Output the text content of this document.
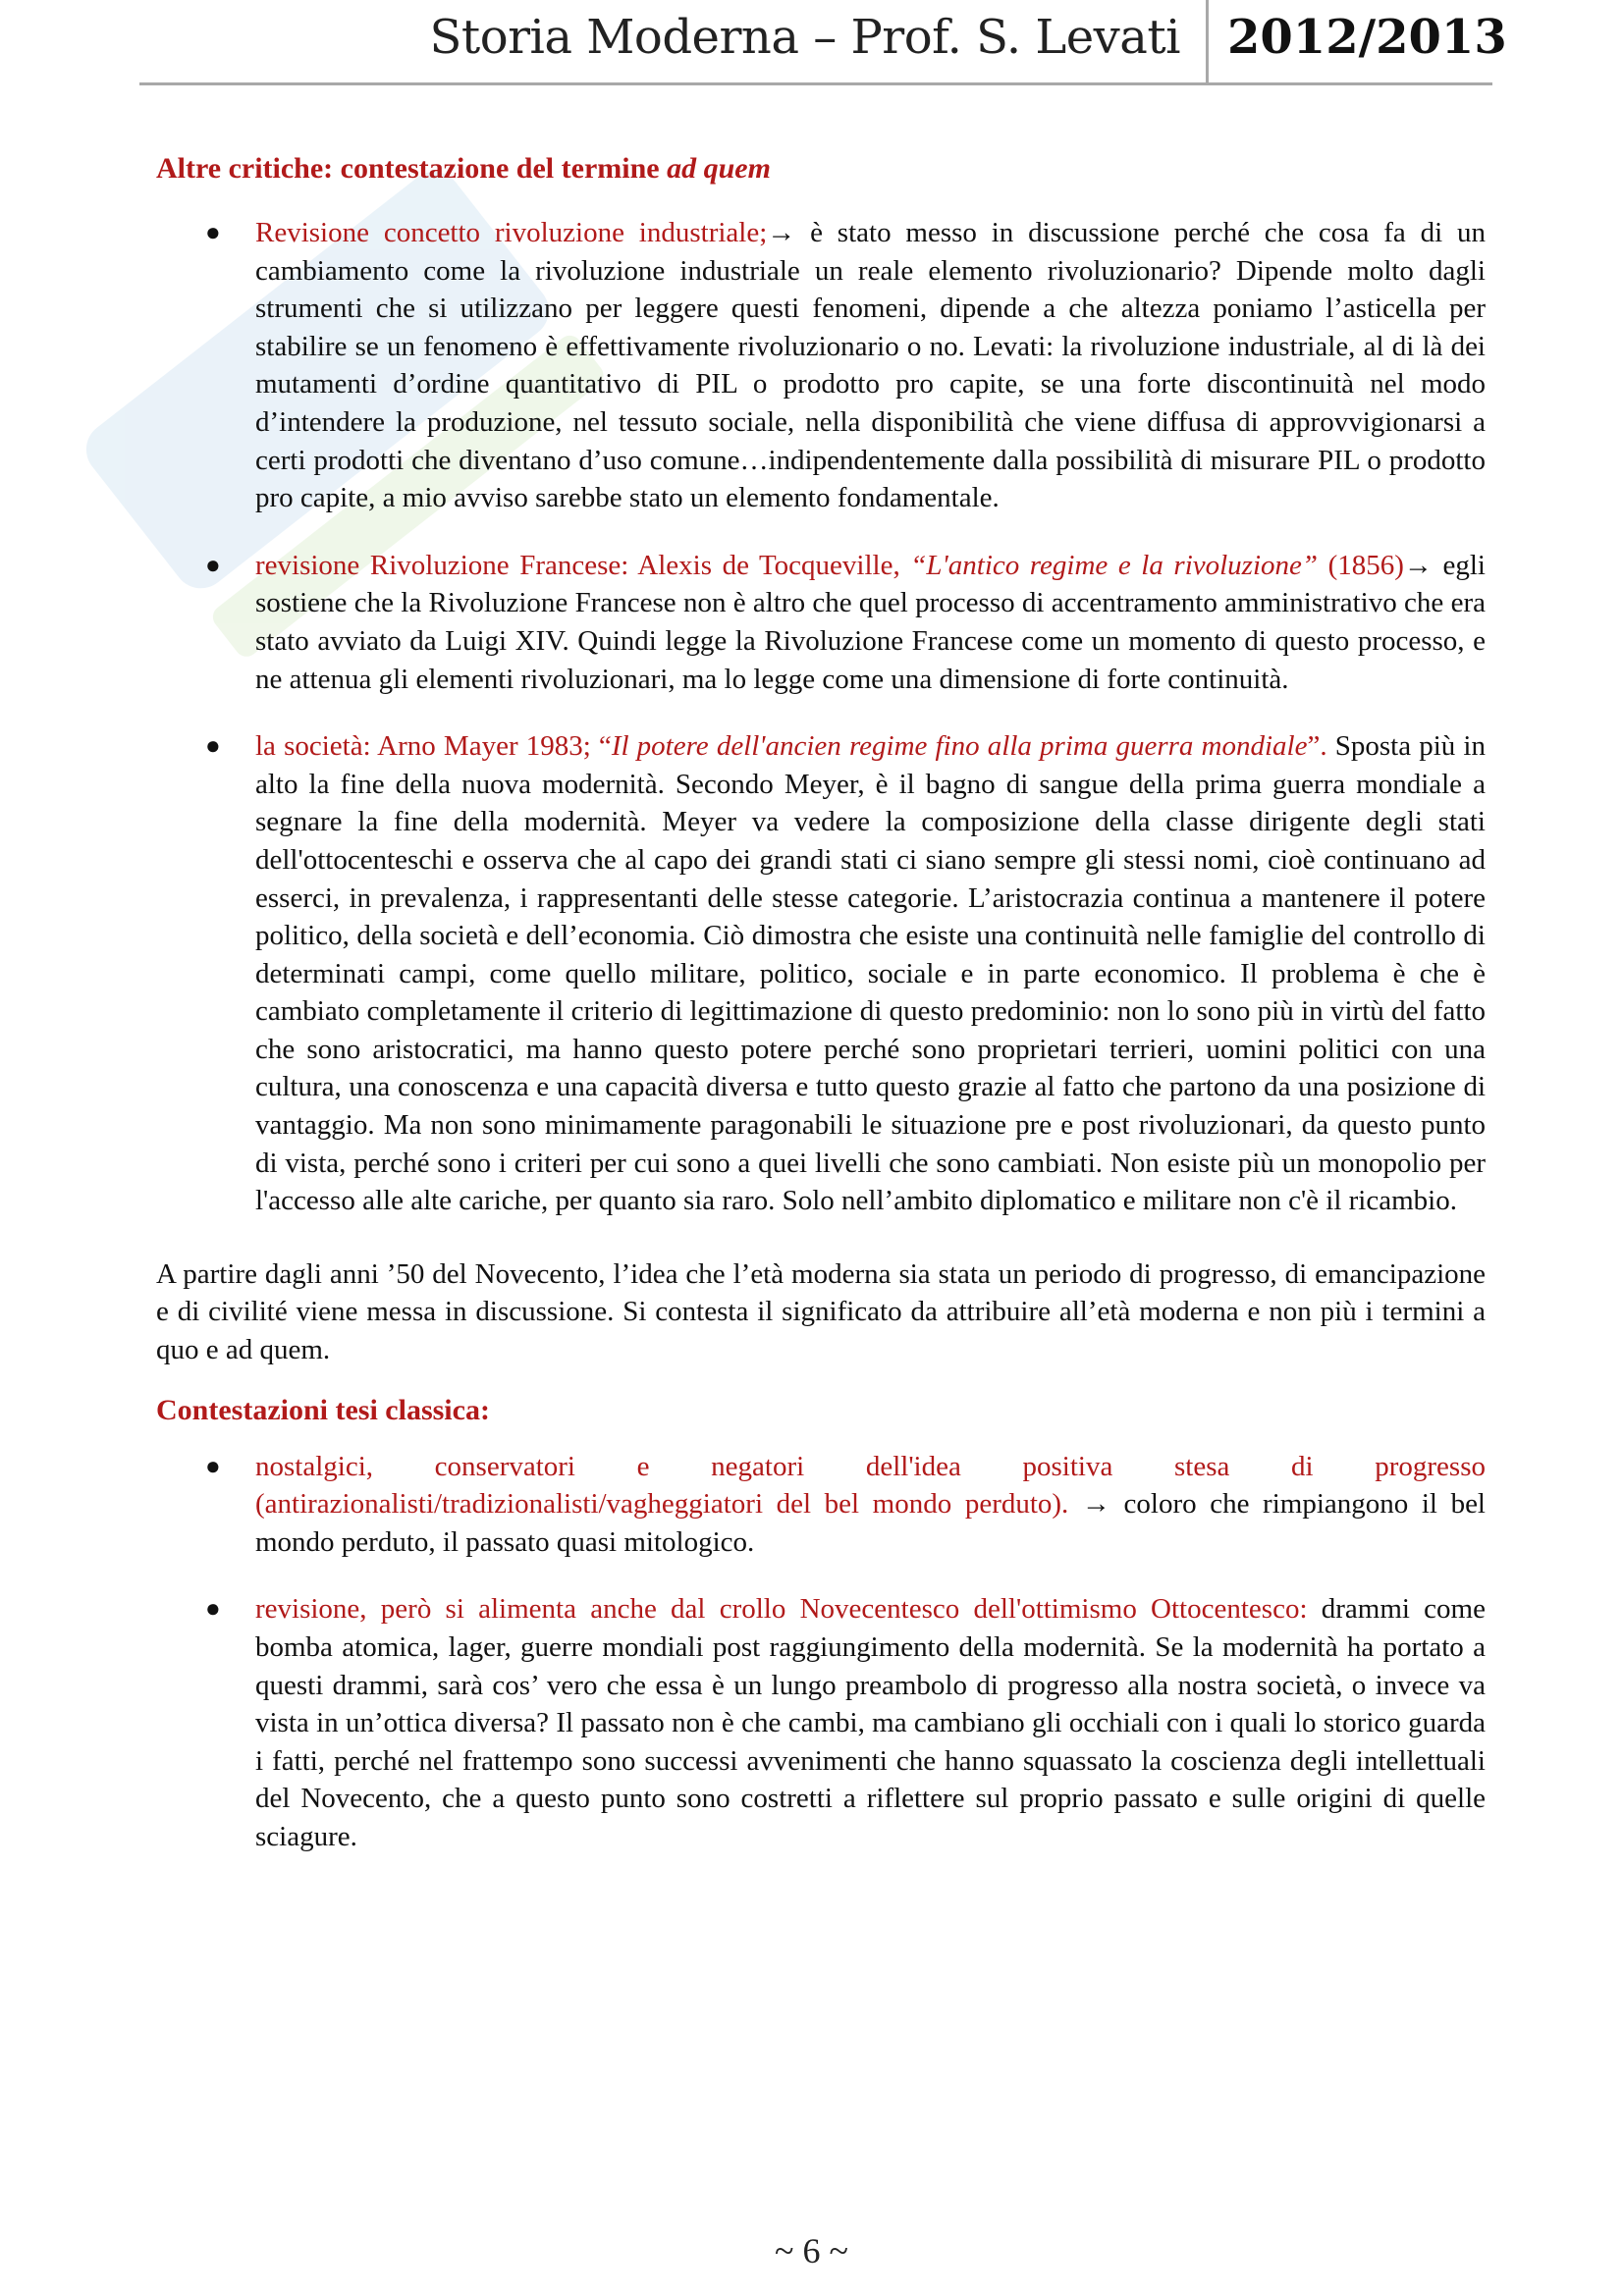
Storia Moderna – Prof. S. Levati 2012/2013
Altre critiche: contestazione del termine ad quem
● Revisione concetto rivoluzione industriale;→ è stato messo in discussione perché che cosa fa di un cambiamento come la rivoluzione industriale un reale elemento rivoluzionario? Dipende molto dagli strumenti che si utilizzano per leggere questi fenomeni, dipende a che altezza poniamo l’asticella per stabilire se un fenomeno è effettivamente rivoluzionario o no. Levati: la rivoluzione industriale, al di là dei mutamenti d’ordine quantitativo di PIL o prodotto pro capite, se una forte discontinuità nel modo d’intendere la produzione, nel tessuto sociale, nella disponibilità che viene diffusa di approvvigionarsi a certi prodotti che diventano d’uso comune…indipendentemente dalla possibilità di misurare PIL o prodotto pro capite, a mio avviso sarebbe stato un elemento fondamentale.
● revisione Rivoluzione Francese: Alexis de Tocqueville, “L'antico regime e la rivoluzione” (1856)→ egli sostiene che la Rivoluzione Francese non è altro che quel processo di accentramento amministrativo che era stato avviato da Luigi XIV. Quindi legge la Rivoluzione Francese come un momento di questo processo, e ne attenua gli elementi rivoluzionari, ma lo legge come una dimensione di forte continuità.
● la società: Arno Mayer 1983; “Il potere dell'ancien regime fino alla prima guerra mondiale”. Sposta più in alto la fine della nuova modernità. Secondo Meyer, è il bagno di sangue della prima guerra mondiale a segnare la fine della modernità. Meyer va vedere la composizione della classe dirigente degli stati dell'ottocenteschi e osserva che al capo dei grandi stati ci siano sempre gli stessi nomi, cioè continuano ad esserci, in prevalenza, i rappresentanti delle stesse categorie. L’aristocrazia continua a mantenere il potere politico, della società e dell’economia. Ciò dimostra che esiste una continuità nelle famiglie del controllo di determinati campi, come quello militare, politico, sociale e in parte economico. Il problema è che è cambiato completamente il criterio di legittimazione di questo predominio: non lo sono più in virtù del fatto che sono aristocratici, ma hanno questo potere perché sono proprietari terrieri, uomini politici con una cultura, una conoscenza e una capacità diversa e tutto questo grazie al fatto che partono da una posizione di vantaggio. Ma non sono minimamente paragonabili le situazione pre e post rivoluzionari, da questo punto di vista, perché sono i criteri per cui sono a quei livelli che sono cambiati. Non esiste più un monopolio per l'accesso alle alte cariche, per quanto sia raro. Solo nell’ambito diplomatico e militare non c'è il ricambio.

A partire dagli anni ’50 del Novecento, l’idea che l’età moderna sia stata un periodo di progresso, di emancipazione e di civilité viene messa in discussione. Si contesta il significato da attribuire all’età moderna e non più i termini a quo e ad quem.

Contestazioni tesi classica:
● nostalgici, conservatori e negatori dell'idea positiva stesa di progresso (antirazionalisti/tradizionalisti/vagheggiatori del bel mondo perduto). → coloro che rimpiangono il bel mondo perduto, il passato quasi mitologico.
● revisione, però si alimenta anche dal crollo Novecentesco dell'ottimismo Ottocentesco: drammi come bomba atomica, lager, guerre mondiali post raggiungimento della modernità. Se la modernità ha portato a questi drammi, sarà cos’ vero che essa è un lungo preambolo di progresso alla nostra società, o invece va vista in un’ottica diversa? Il passato non è che cambi, ma cambiano gli occhiali con i quali lo storico guarda i fatti, perché nel frattempo sono successi avvenimenti che hanno squassato la coscienza degli intellettuali del Novecento, che a questo punto sono costretti a riflettere sul proprio passato e sulle origini di quelle sciagure.
~ 6 ~
